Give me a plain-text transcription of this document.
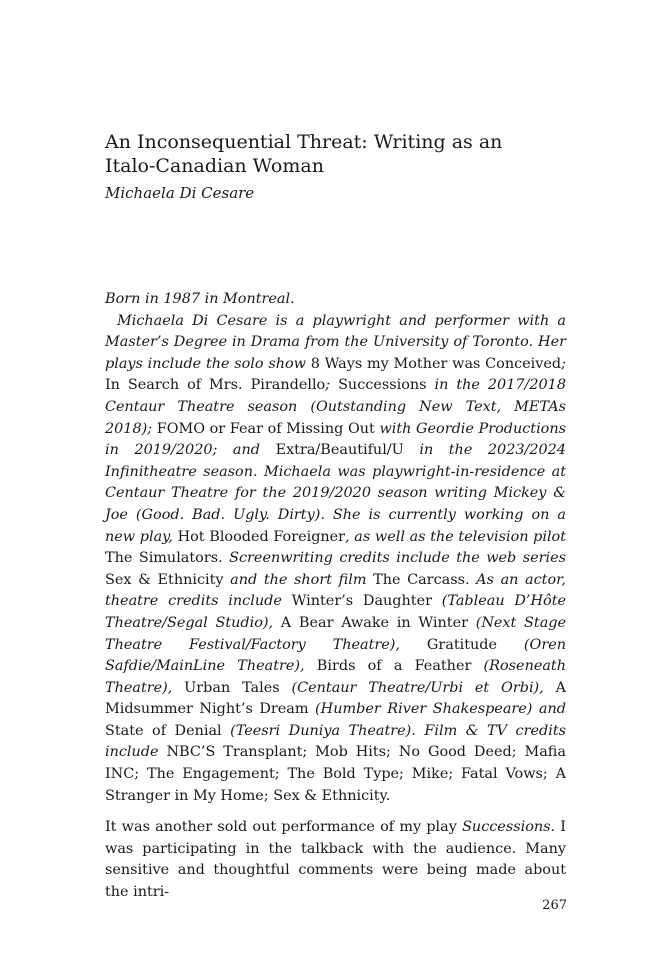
An Inconsequential Threat: Writing as an Italo-Canadian Woman

Michaela Di Cesare

Born in 1987 in Montreal.
Michaela Di Cesare is a playwright and performer with a Master’s Degree in Drama from the University of Toronto. Her plays include the solo show 8 Ways my Mother was Conceived; In Search of Mrs. Pirandello; Successions in the 2017/2018 Centaur Theatre season (Outstanding New Text, METAs 2018); FOMO or Fear of Missing Out with Geordie Productions in 2019/2020; and Extra/Beautiful/U in the 2023/2024 Infinitheatre season. Michaela was playwright-in-residence at Centaur Theatre for the 2019/2020 season writing Mickey & Joe (Good. Bad. Ugly. Dirty). She is currently working on a new play, Hot Blooded Foreigner, as well as the television pilot The Simulators. Screenwriting credits include the web series Sex & Ethnicity and the short film The Carcass. As an actor, theatre credits include Winter’s Daughter (Tableau D’Hôte Theatre/Segal Studio), A Bear Awake in Winter (Next Stage Theatre Festival/Factory Theatre), Gratitude (Oren Safdie/MainLine Theatre), Birds of a Feather (Roseneath Theatre), Urban Tales (Centaur Theatre/Urbi et Orbi), A Midsummer Night’s Dream (Humber River Shakespeare) and State of Denial (Teesri Duniya Theatre). Film & TV credits include NBC’S Transplant; Mob Hits; No Good Deed; Mafia INC; The Engagement; The Bold Type; Mike; Fatal Vows; A Stranger in My Home; Sex & Ethnicity.

It was another sold out performance of my play Successions. I was participating in the talkback with the audience. Many sensitive and thoughtful comments were being made about the intri-

267
